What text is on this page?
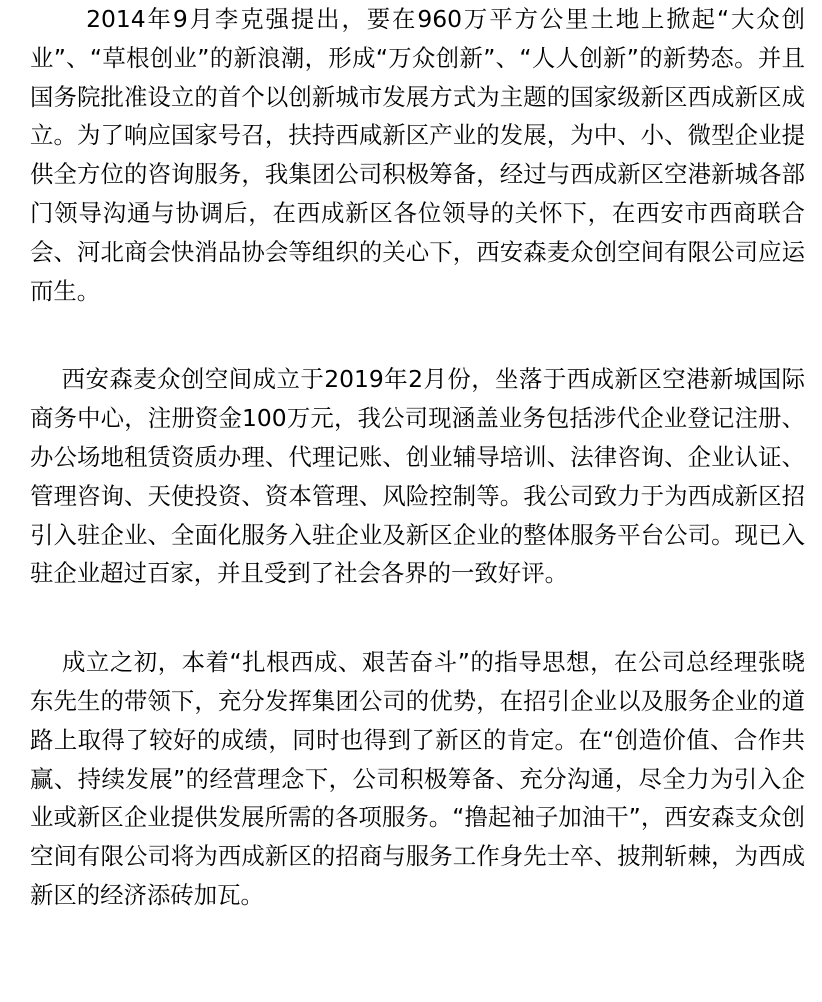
2014年9月李克强提出，要在960万平方公里土地上掀起“大众创业”、“草根创业”的新浪潮，形成“万众创新”、“人人创新”的新势态。并且国务院批准设立的首个以创新城市发展方式为主题的国家级新区西成新区成立。为了响应国家号召，扶持西咸新区产业的发展，为中、小、微型企业提供全方位的咨询服务，我集团公司积极筹备，经过与西成新区空港新城各部门领导沟通与协调后，在西成新区各位领导的关怀下，在西安市西商联合会、河北商会快消品协会等组织的关心下，西安森麦众创空间有限公司应运而生。

西安森麦众创空间成立于2019年2月份，坐落于西成新区空港新城国际商务中心，注册资金100万元，我公司现涵盖业务包括涉代企业登记注册、办公场地租赁资质办理、代理记账、创业辅导培训、法律咨询、企业认证、管理咨询、天使投资、资本管理、风险控制等。我公司致力于为西成新区招引入驻企业、全面化服务入驻企业及新区企业的整体服务平台公司。现已入驻企业超过百家，并且受到了社会各界的一致好评。

成立之初，本着“扎根西成、艰苦奋斗”的指导思想，在公司总经理张晓东先生的带领下，充分发挥集团公司的优势，在招引企业以及服务企业的道路上取得了较好的成绩，同时也得到了新区的肯定。在“创造价值、合作共赢、持续发展”的经营理念下，公司积极筹备、充分沟通，尽全力为引入企业或新区企业提供发展所需的各项服务。“撸起袖子加油干”，西安森支众创空间有限公司将为西成新区的招商与服务工作身先士卒、披荆斩棘，为西成新区的经济添砖加瓦。
